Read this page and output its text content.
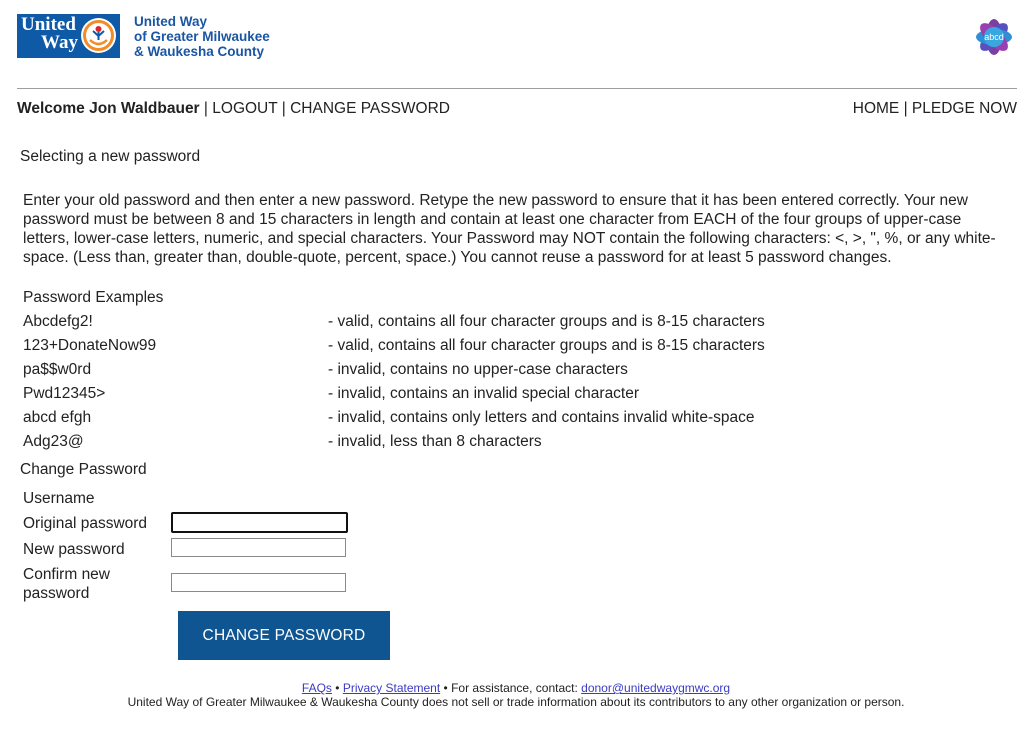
United
Way
United Way
of Greater Milwaukee
& Waukesha County
abcd
Welcome Jon Waldbauer | LOGOUT | CHANGE PASSWORD	HOME | PLEDGE NOW
Selecting a new password
Enter your old password and then enter a new password. Retype the new password to ensure that it has been entered correctly. Your new password must be between 8 and 15 characters in length and contain at least one character from EACH of the four groups of upper-case letters, lower-case letters, numeric, and special characters. Your Password may NOT contain the following characters: <, >, ", %, or any white-space. (Less than, greater than, double-quote, percent, space.) You cannot reuse a password for at least 5 password changes.
Password Examples
Abcdefg2!	- valid, contains all four character groups and is 8-15 characters
123+DonateNow99	- valid, contains all four character groups and is 8-15 characters
pa$$w0rd	- invalid, contains no upper-case characters
Pwd12345>	- invalid, contains an invalid special character
abcd efgh	- invalid, contains only letters and contains invalid white-space
Adg23@	- invalid, less than 8 characters
Change Password
Username
Original password
New password
Confirm new
password
CHANGE PASSWORD
FAQs • Privacy Statement • For assistance, contact: donor@unitedwaygmwc.org
United Way of Greater Milwaukee & Waukesha County does not sell or trade information about its contributors to any other organization or person.
